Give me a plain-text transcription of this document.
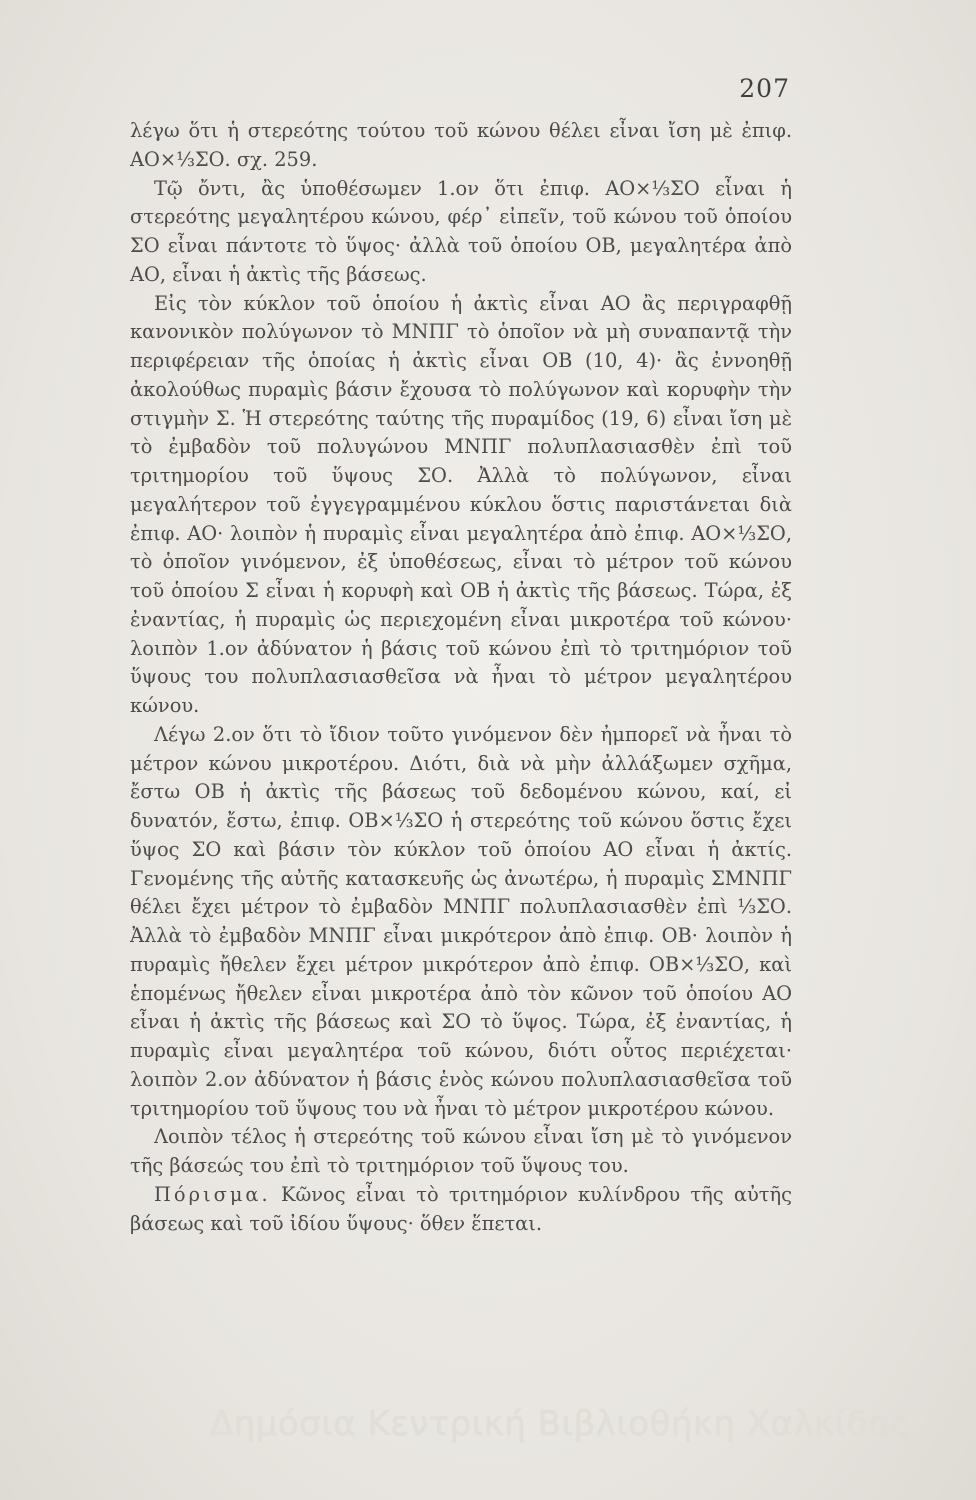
207

λέγω ὅτι ἡ στερεότης τούτου τοῦ κώνου θέλει εἶναι ἴση μὲ ἐπιφ. ΑΟ×⅓ΣΟ. σχ. 259.

Τῷ ὄντι, ἂς ὑποθέσωμεν 1.ον ὅτι ἐπιφ. ΑΟ×⅓ΣΟ εἶναι ἡ στερεότης μεγαλητέρου κώνου, φέρ᾽ εἰπεῖν, τοῦ κώνου τοῦ ὁποίου ΣΟ εἶναι πάντοτε τὸ ὕψος· ἀλλὰ τοῦ ὁποίου ΟΒ, μεγαλητέρα ἀπὸ ΑΟ, εἶναι ἡ ἀκτὶς τῆς βάσεως.

Εἰς τὸν κύκλον τοῦ ὁποίου ἡ ἀκτὶς εἶναι ΑΟ ἂς περιγραφθῇ κανονικὸν πολύγωνον τὸ ΜΝΠΓ τὸ ὁποῖον νὰ μὴ συναπαντᾷ τὴν περιφέρειαν τῆς ὁποίας ἡ ἀκτὶς εἶναι ΟΒ (10, 4)· ἂς ἐννοηθῇ ἀκολούθως πυραμὶς βάσιν ἔχουσα τὸ πολύγωνον καὶ κορυφὴν τὴν στιγμὴν Σ. Ἡ στερεότης ταύτης τῆς πυραμίδος (19, 6) εἶναι ἴση μὲ τὸ ἐμβαδὸν τοῦ πολυγώνου ΜΝΠΓ πολυπλασιασθὲν ἐπὶ τοῦ τριτημορίου τοῦ ὕψους ΣΟ. Ἀλλὰ τὸ πολύγωνον, εἶναι μεγαλήτερον τοῦ ἐγγεγραμμένου κύκλου ὅστις παριστάνεται διὰ ἐπιφ. ΑΟ· λοιπὸν ἡ πυραμὶς εἶναι μεγαλητέρα ἀπὸ ἐπιφ. ΑΟ×⅓ΣΟ, τὸ ὁποῖον γινόμενον, ἐξ ὑποθέσεως, εἶναι τὸ μέτρον τοῦ κώνου τοῦ ὁποίου Σ εἶναι ἡ κορυφὴ καὶ ΟΒ ἡ ἀκτὶς τῆς βάσεως. Τώρα, ἐξ ἐναντίας, ἡ πυραμὶς ὡς περιεχομένη εἶναι μικροτέρα τοῦ κώνου· λοιπὸν 1.ον ἀδύνατον ἡ βάσις τοῦ κώνου ἐπὶ τὸ τριτημόριον τοῦ ὕψους του πολυπλασιασθεῖσα νὰ ἦναι τὸ μέτρον μεγαλητέρου κώνου.

Λέγω 2.ον ὅτι τὸ ἴδιον τοῦτο γινόμενον δὲν ἠμπορεῖ νὰ ἦναι τὸ μέτρον κώνου μικροτέρου. Διότι, διὰ νὰ μὴν ἀλλάξωμεν σχῆμα, ἔστω ΟΒ ἡ ἀκτὶς τῆς βάσεως τοῦ δεδομένου κώνου, καί, εἰ δυνατόν, ἔστω, ἐπιφ. ΟΒ×⅓ΣΟ ἡ στερεότης τοῦ κώνου ὅστις ἔχει ὕψος ΣΟ καὶ βάσιν τὸν κύκλον τοῦ ὁποίου ΑΟ εἶναι ἡ ἀκτίς. Γενομένης τῆς αὐτῆς κατασκευῆς ὡς ἀνωτέρω, ἡ πυραμὶς ΣΜΝΠΓ θέλει ἔχει μέτρον τὸ ἐμβαδὸν ΜΝΠΓ πολυπλασιασθὲν ἐπὶ ⅓ΣΟ. Ἀλλὰ τὸ ἐμβαδὸν ΜΝΠΓ εἶναι μικρότερον ἀπὸ ἐπιφ. ΟΒ· λοιπὸν ἡ πυραμὶς ἤθελεν ἔχει μέτρον μικρότερον ἀπὸ ἐπιφ. ΟΒ×⅓ΣΟ, καὶ ἑπομένως ἤθελεν εἶναι μικροτέρα ἀπὸ τὸν κῶνον τοῦ ὁποίου ΑΟ εἶναι ἡ ἀκτὶς τῆς βάσεως καὶ ΣΟ τὸ ὕψος. Τώρα, ἐξ ἐναντίας, ἡ πυραμὶς εἶναι μεγαλητέρα τοῦ κώνου, διότι οὗτος περιέχεται· λοιπὸν 2.ον ἀδύνατον ἡ βάσις ἑνὸς κώνου πολυπλασιασθεῖσα τοῦ τριτημορίου τοῦ ὕψους του νὰ ἦναι τὸ μέτρον μικροτέρου κώνου.

Λοιπὸν τέλος ἡ στερεότης τοῦ κώνου εἶναι ἴση μὲ τὸ γινόμενον τῆς βάσεώς του ἐπὶ τὸ τριτημόριον τοῦ ὕψους του.

Πόρισμα. Κῶνος εἶναι τὸ τριτημόριον κυλίνδρου τῆς αὐτῆς βάσεως καὶ τοῦ ἰδίου ὕψους· ὅθεν ἕπεται.

Δημόσια Κεντρική Βιβλιοθήκη Χαλκίδας
